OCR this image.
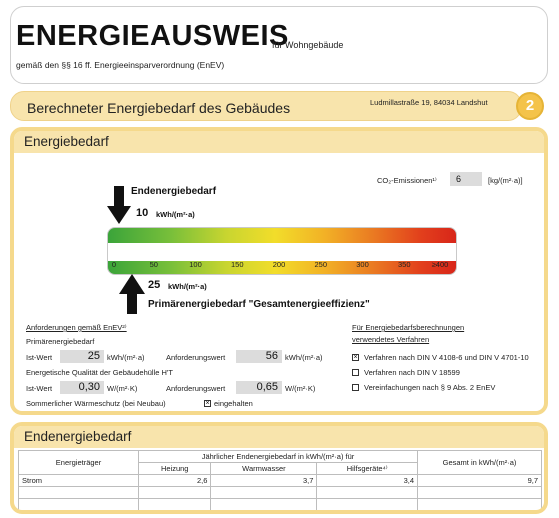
ENERGIEAUSWEIS
für Wohngebäude
gemäß den §§ 16 ff. Energieeinsparverordnung (EnEV)
Berechneter Energiebedarf des Gebäudes	Ludmillastraße 19, 84034 Landshut	2
Energiebedarf
CO₂-Emissionen¹⁾	6	[kg/(m²·a)]
Endenergiebedarf
10 kWh/(m²·a)
0	50	100	150	200	250	300	350	≥400
25 kWh/(m²·a)
Primärenergiebedarf "Gesamtenergieeffizienz"
Anforderungen gemäß EnEV²⁾
Primärenergiebedarf
Ist-Wert	25 kWh/(m²·a)	Anforderungswert	56 kWh/(m²·a)
Energetische Qualität der Gebäudehülle H'T
Ist-Wert	0,30 W/(m²·K)	Anforderungswert	0,65 W/(m²·K)
Sommerlicher Wärmeschutz (bei Neubau)	× eingehalten
Für Energiebedarfsberechnungen
verwendetes Verfahren
× Verfahren nach DIN V 4108-6 und DIN V 4701-10
Verfahren nach DIN V 18599
Vereinfachungen nach § 9 Abs. 2 EnEV
Endenergiebedarf
Energieträger	Jährlicher Endenergiebedarf in kWh/(m²·a) für			Gesamt in kWh/(m²·a)
	Heizung	Warmwasser	Hilfsgeräte⁴⁾	
Strom	2,6	3,7	3,4	9,7
